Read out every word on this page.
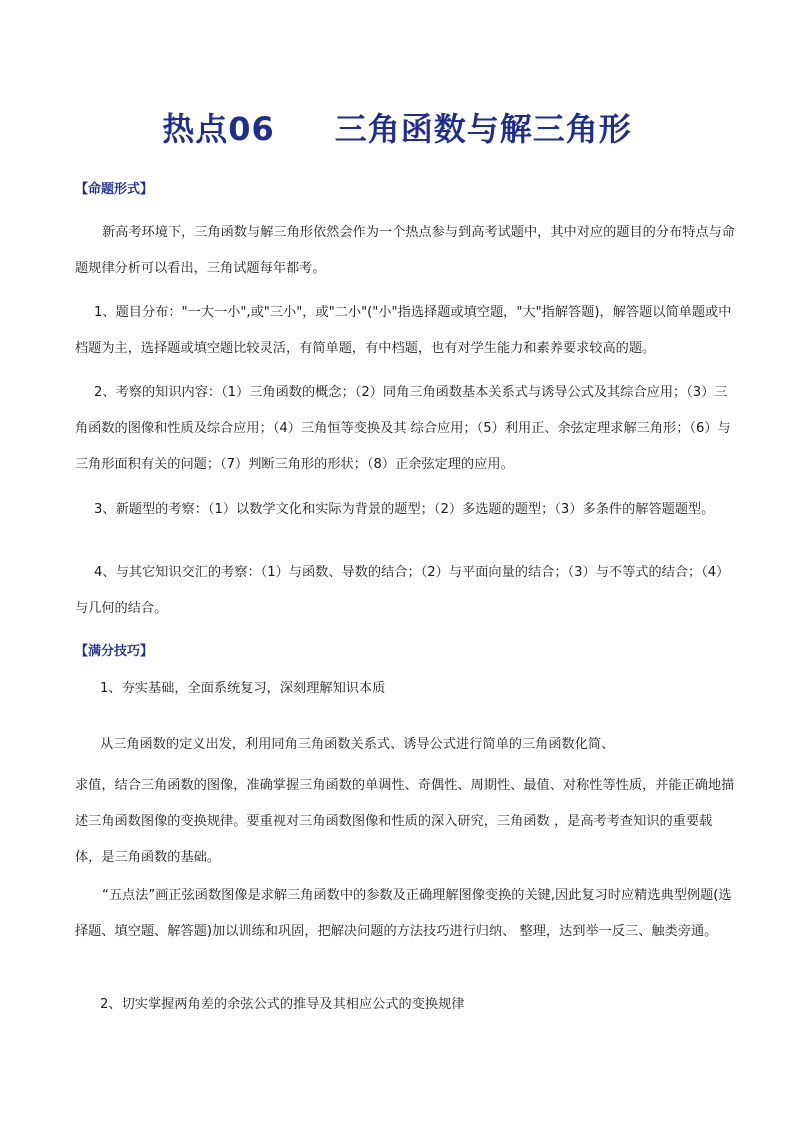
热点06 三角函数与解三角形
【命题形式】

新高考环境下，三角函数与解三角形依然会作为一个热点参与到高考试题中，其中对应的题目的分布特点与命题规律分析可以看出，三角试题每年都考。

1、题目分布："一大一小",或"三小"，或"二小"("小"指选择题或填空题，"大"指解答题)，解答题以简单题或中档题为主，选择题或填空题比较灵活，有简单题，有中档题，也有对学生能力和素养要求较高的题。

2、考察的知识内容：（1）三角函数的概念；（2）同角三角函数基本关系式与诱导公式及其综合应用；（3）三角函数的图像和性质及综合应用；（4）三角恒等变换及其 综合应用；（5）利用正、余弦定理求解三角形；（6）与三角形面积有关的问题；（7）判断三角形的形状；（8）正余弦定理的应用。

3、新题型的考察：（1）以数学文化和实际为背景的题型；（2）多选题的题型；（3）多条件的解答题题型。

4、与其它知识交汇的考察：（1）与函数、导数的结合；（2）与平面向量的结合；（3）与不等式的结合；（4）与几何的结合。

【满分技巧】
1、夯实基础，全面系统复习，深刻理解知识本质
从三角函数的定义出发，利用同角三角函数关系式、诱导公式进行简单的三角函数化简、

求值，结合三角函数的图像，准确掌握三角函数的单调性、奇偶性、周期性、最值、对称性等性质，并能正确地描述三角函数图像的变换规律。要重视对三角函数图像和性质的深入研究，三角函数 ，是高考考查知识的重要载体，是三角函数的基础。

“五点法”画正弦函数图像是求解三角函数中的参数及正确理解图像变换的关键,因此复习时应精选典型例题(选择题、填空题、解答题)加以训练和巩固，把解决问题的方法技巧进行归纳、 整理，达到举一反三、触类旁通。

2、切实掌握两角差的余弦公式的推导及其相应公式的变换规律
